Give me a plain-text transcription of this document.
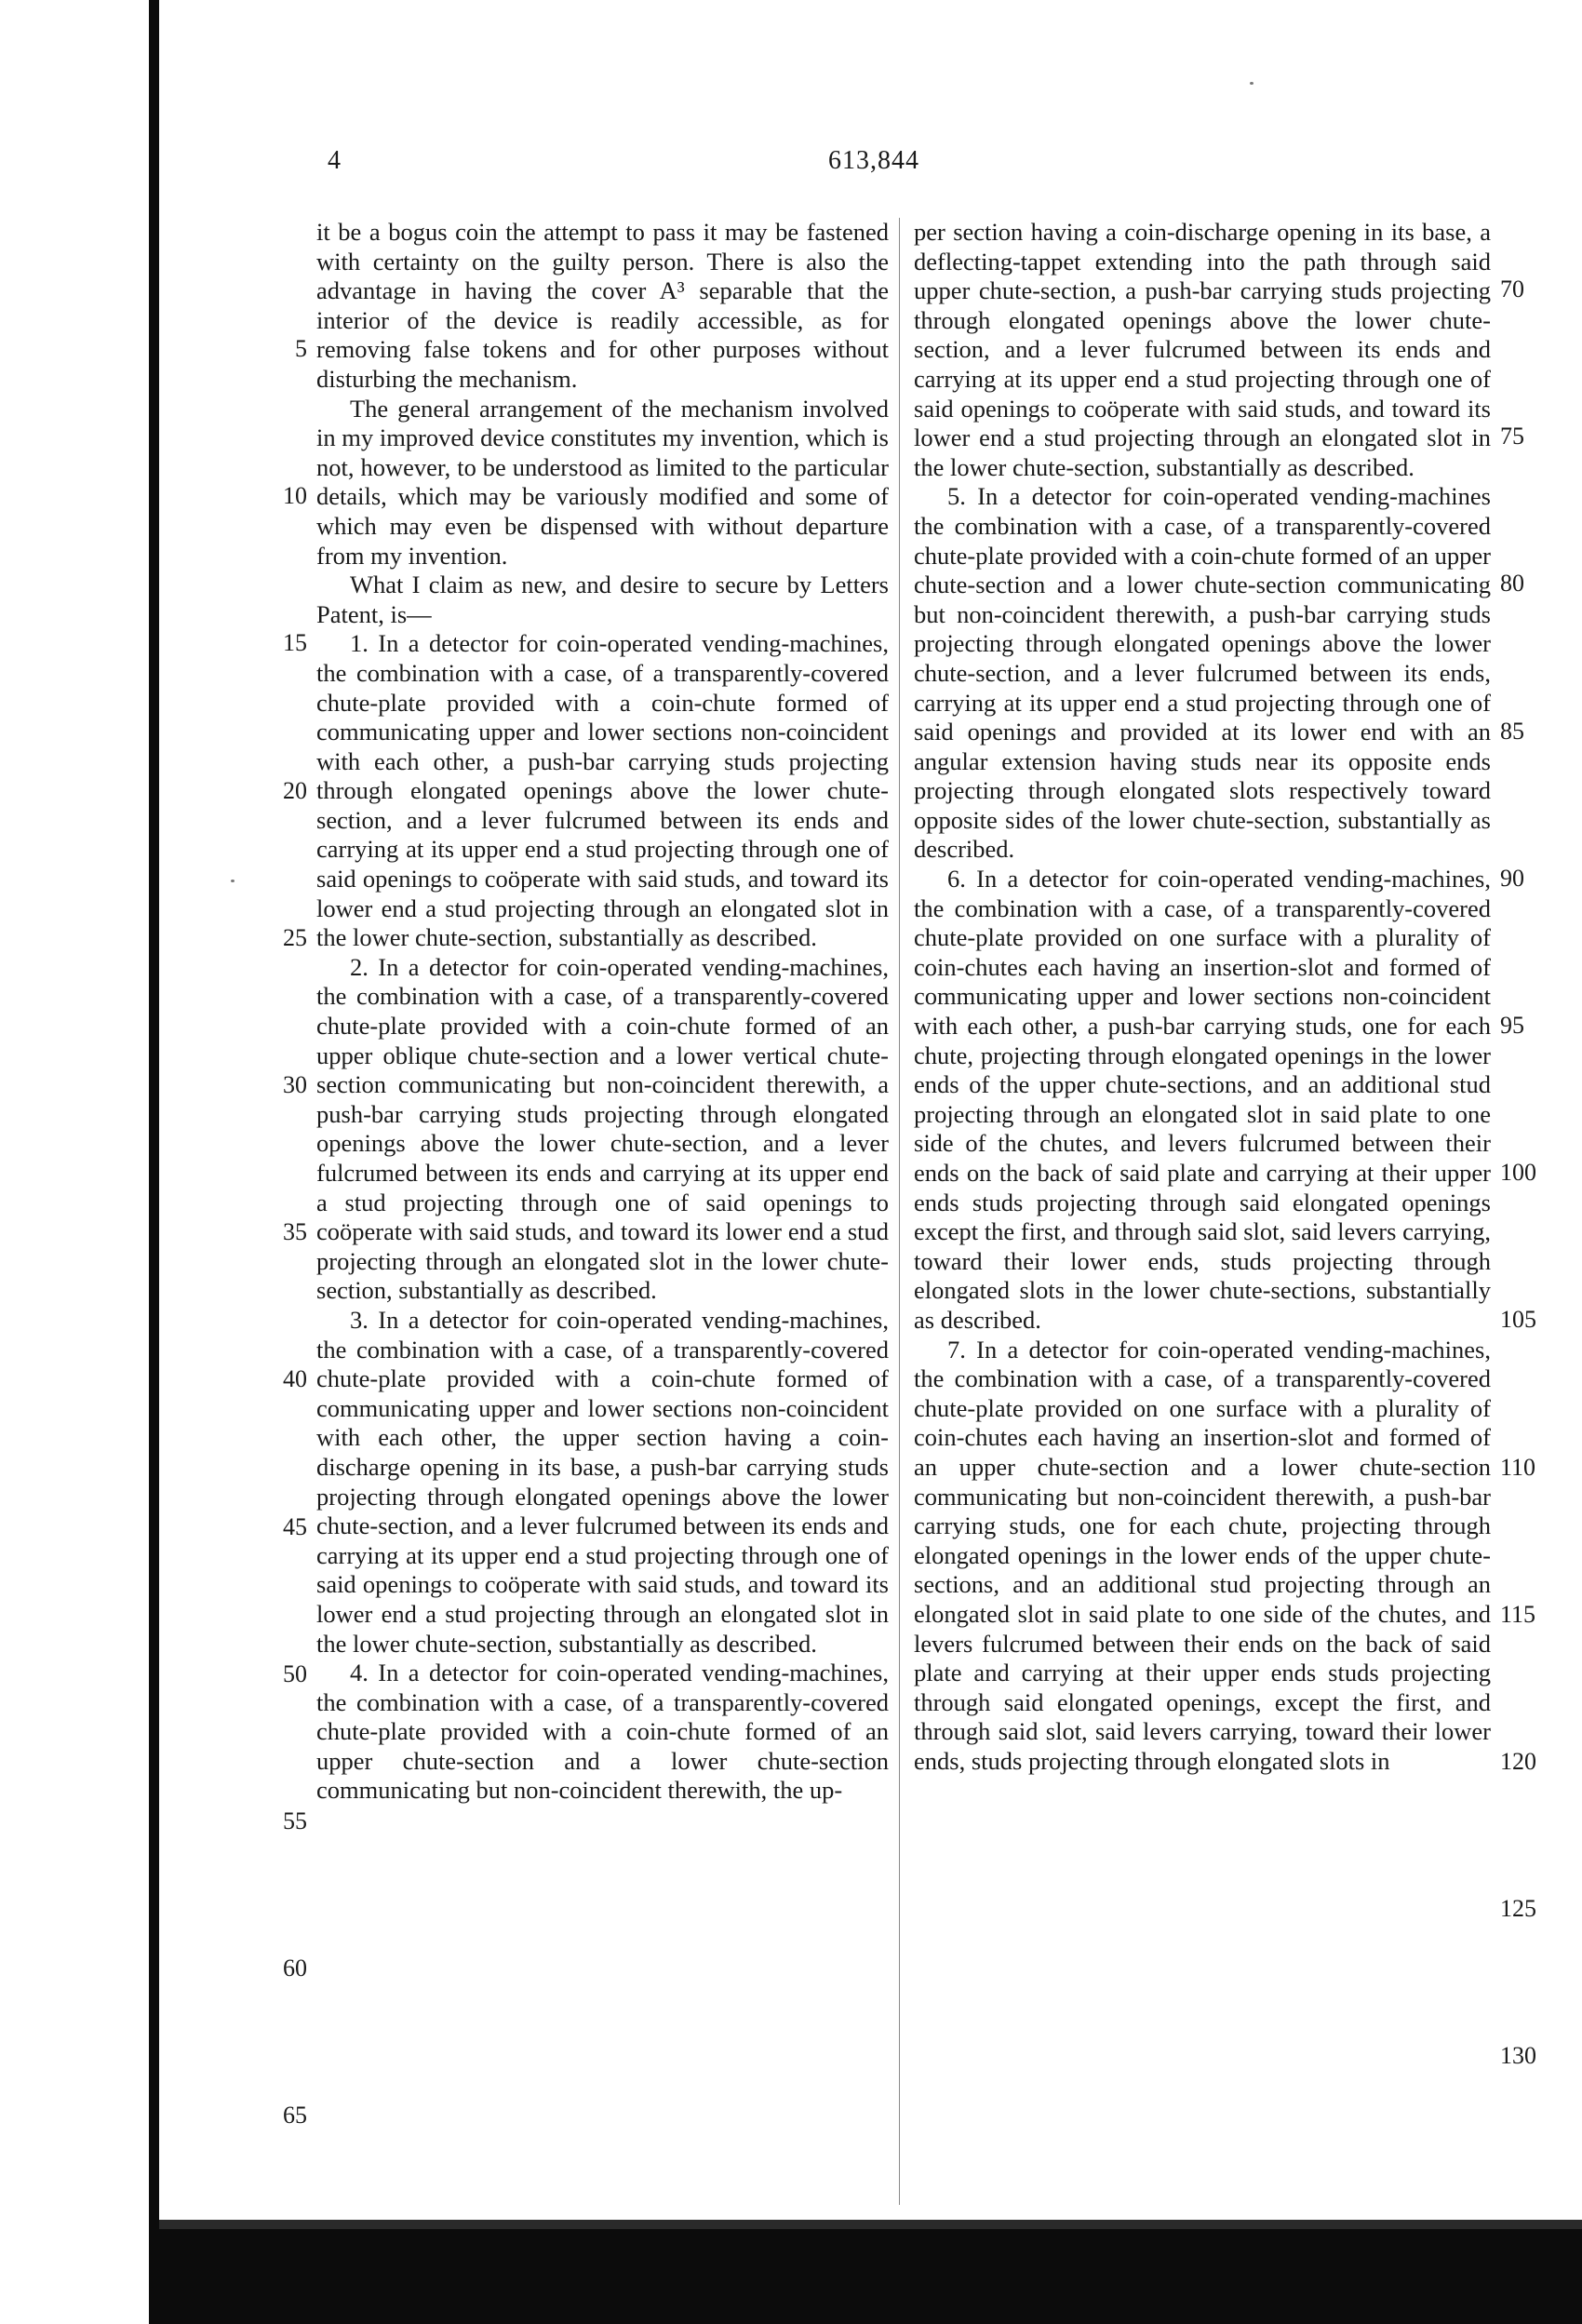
4	613,844

it be a bogus coin the attempt to pass it may be fastened with certainty on the guilty person. There is also the advantage in having the cover A³ separable that the interior of the device is readily accessible, as for removing false tokens and for other purposes without disturbing the mechanism.

The general arrangement of the mechanism involved in my improved device constitutes my invention, which is not, however, to be understood as limited to the particular details, which may be variously modified and some of which may even be dispensed with without departure from my invention.

What I claim as new, and desire to secure by Letters Patent, is—

1. In a detector for coin-operated vending-machines, the combination with a case, of a transparently-covered chute-plate provided with a coin-chute formed of communicating upper and lower sections non-coincident with each other, a push-bar carrying studs projecting through elongated openings above the lower chute-section, and a lever fulcrumed between its ends and carrying at its upper end a stud projecting through one of said openings to coöperate with said studs, and toward its lower end a stud projecting through an elongated slot in the lower chute-section, substantially as described.

2. In a detector for coin-operated vending-machines, the combination with a case, of a transparently-covered chute-plate provided with a coin-chute formed of an upper oblique chute-section and a lower vertical chute-section communicating but non-coincident therewith, a push-bar carrying studs projecting through elongated openings above the lower chute-section, and a lever fulcrumed between its ends and carrying at its upper end a stud projecting through one of said openings to coöperate with said studs, and toward its lower end a stud projecting through an elongated slot in the lower chute-section, substantially as described.

3. In a detector for coin-operated vending-machines, the combination with a case, of a transparently-covered chute-plate provided with a coin-chute formed of communicating upper and lower sections non-coincident with each other, the upper section having a coin-discharge opening in its base, a push-bar carrying studs projecting through elongated openings above the lower chute-section, and a lever fulcrumed between its ends and carrying at its upper end a stud projecting through one of said openings to coöperate with said studs, and toward its lower end a stud projecting through an elongated slot in the lower chute-section, substantially as described.

4. In a detector for coin-operated vending-machines, the combination with a case, of a transparently-covered chute-plate provided with a coin-chute formed of an upper chute-section and a lower chute-section communicating but non-coincident therewith, the up-

per section having a coin-discharge opening in its base, a deflecting-tappet extending into the path through said upper chute-section, a push-bar carrying studs projecting through elongated openings above the lower chute-section, and a lever fulcrumed between its ends and carrying at its upper end a stud projecting through one of said openings to coöperate with said studs, and toward its lower end a stud projecting through an elongated slot in the lower chute-section, substantially as described.

5. In a detector for coin-operated vending-machines the combination with a case, of a transparently-covered chute-plate provided with a coin-chute formed of an upper chute-section and a lower chute-section communicating but non-coincident therewith, a push-bar carrying studs projecting through elongated openings above the lower chute-section, and a lever fulcrumed between its ends, carrying at its upper end a stud projecting through one of said openings and provided at its lower end with an angular extension having studs near its opposite ends projecting through elongated slots respectively toward opposite sides of the lower chute-section, substantially as described.

6. In a detector for coin-operated vending-machines, the combination with a case, of a transparently-covered chute-plate provided on one surface with a plurality of coin-chutes each having an insertion-slot and formed of communicating upper and lower sections non-coincident with each other, a push-bar carrying studs, one for each chute, projecting through elongated openings in the lower ends of the upper chute-sections, and an additional stud projecting through an elongated slot in said plate to one side of the chutes, and levers fulcrumed between their ends on the back of said plate and carrying at their upper ends studs projecting through said elongated openings except the first, and through said slot, said levers carrying, toward their lower ends, studs projecting through elongated slots in the lower chute-sections, substantially as described.

7. In a detector for coin-operated vending-machines, the combination with a case, of a transparently-covered chute-plate provided on one surface with a plurality of coin-chutes each having an insertion-slot and formed of an upper chute-section and a lower chute-section communicating but non-coincident therewith, a push-bar carrying studs, one for each chute, projecting through elongated openings in the lower ends of the upper chute-sections, and an additional stud projecting through an elongated slot in said plate to one side of the chutes, and levers fulcrumed between their ends on the back of said plate and carrying at their upper ends studs projecting through said elongated openings, except the first, and through said slot, said levers carrying, toward their lower ends, studs projecting through elongated slots in

5
10
15
20
25
30
35
40
45
50
55
60
65
70
75
80
85
90
95
100
105
110
115
120
125
130
